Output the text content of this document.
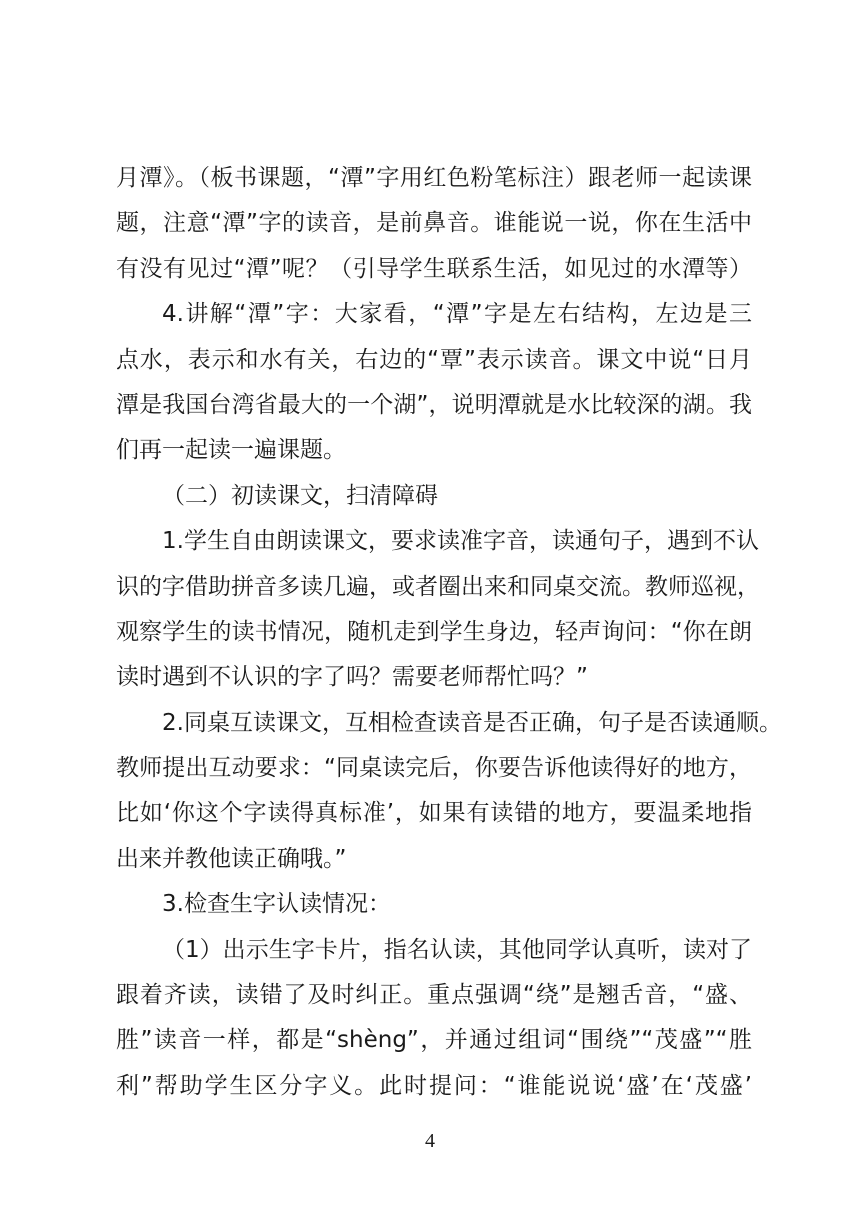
月潭》。（板书课题，“潭”字用红色粉笔标注）跟老师一起读课
题，注意“潭”字的读音，是前鼻音。谁能说一说，你在生活中
有没有见过“潭”呢？（引导学生联系生活，如见过的水潭等）
4.讲解“潭”字：大家看，“潭”字是左右结构，左边是三
点水，表示和水有关，右边的“覃”表示读音。课文中说“日月
潭是我国台湾省最大的一个湖”，说明潭就是水比较深的湖。我
们再一起读一遍课题。
（二）初读课文，扫清障碍
1.学生自由朗读课文，要求读准字音，读通句子，遇到不认
识的字借助拼音多读几遍，或者圈出来和同桌交流。教师巡视，
观察学生的读书情况，随机走到学生身边，轻声询问：“你在朗
读时遇到不认识的字了吗？需要老师帮忙吗？”
2.同桌互读课文，互相检查读音是否正确，句子是否读通顺。
教师提出互动要求：“同桌读完后，你要告诉他读得好的地方，
比如‘你这个字读得真标准’，如果有读错的地方，要温柔地指
出来并教他读正确哦。”
3.检查生字认读情况：
（1）出示生字卡片，指名认读，其他同学认真听，读对了
跟着齐读，读错了及时纠正。重点强调“绕”是翘舌音，“盛、
胜”读音一样，都是“shèng”，并通过组词“围绕”“茂盛”“胜
利”帮助学生区分字义。此时提问：“谁能说说‘盛’在‘茂盛’
4
